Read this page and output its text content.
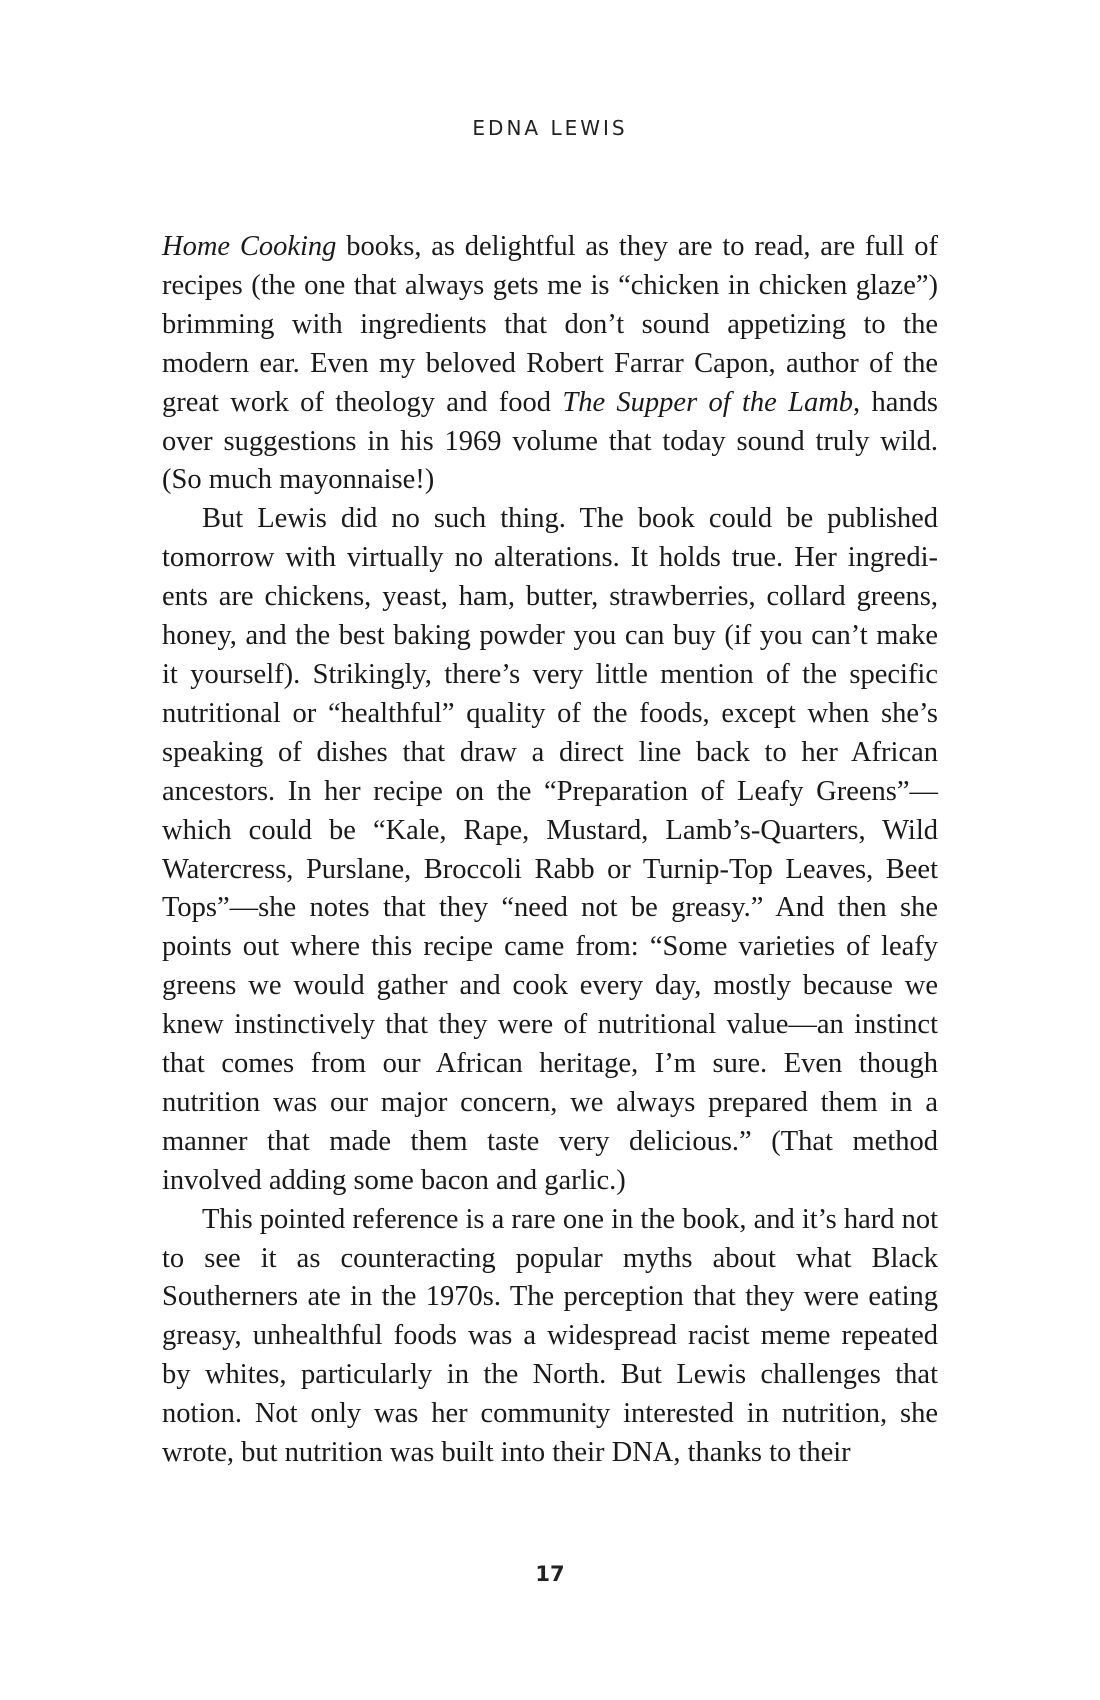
EDNA LEWIS

Home Cooking books, as delightful as they are to read, are full of recipes (the one that always gets me is “chicken in chicken glaze”) brimming with ingredients that don’t sound appetizing to the modern ear. Even my beloved Robert Farrar Capon, author of the great work of theology and food The Supper of the Lamb, hands over suggestions in his 1969 volume that today sound truly wild. (So much mayonnaise!)

But Lewis did no such thing. The book could be published tomorrow with virtually no alterations. It holds true. Her ingredients are chickens, yeast, ham, butter, strawberries, collard greens, honey, and the best baking powder you can buy (if you can’t make it yourself). Strikingly, there’s very little mention of the specific nutritional or “healthful” quality of the foods, except when she’s speaking of dishes that draw a direct line back to her African ancestors. In her recipe on the “Preparation of Leafy Greens”—which could be “Kale, Rape, Mustard, Lamb’s-Quarters, Wild Watercress, Purslane, Broccoli Rabb or Turnip-Top Leaves, Beet Tops”—she notes that they “need not be greasy.” And then she points out where this recipe came from: “Some varieties of leafy greens we would gather and cook every day, mostly because we knew instinctively that they were of nutritional value—an instinct that comes from our African heritage, I’m sure. Even though nutrition was our major concern, we always prepared them in a manner that made them taste very delicious.” (That method involved adding some bacon and garlic.)

This pointed reference is a rare one in the book, and it’s hard not to see it as counteracting popular myths about what Black Southerners ate in the 1970s. The perception that they were eating greasy, unhealthful foods was a widespread racist meme repeated by whites, particularly in the North. But Lewis challenges that notion. Not only was her community interested in nutrition, she wrote, but nutrition was built into their DNA, thanks to their

17
